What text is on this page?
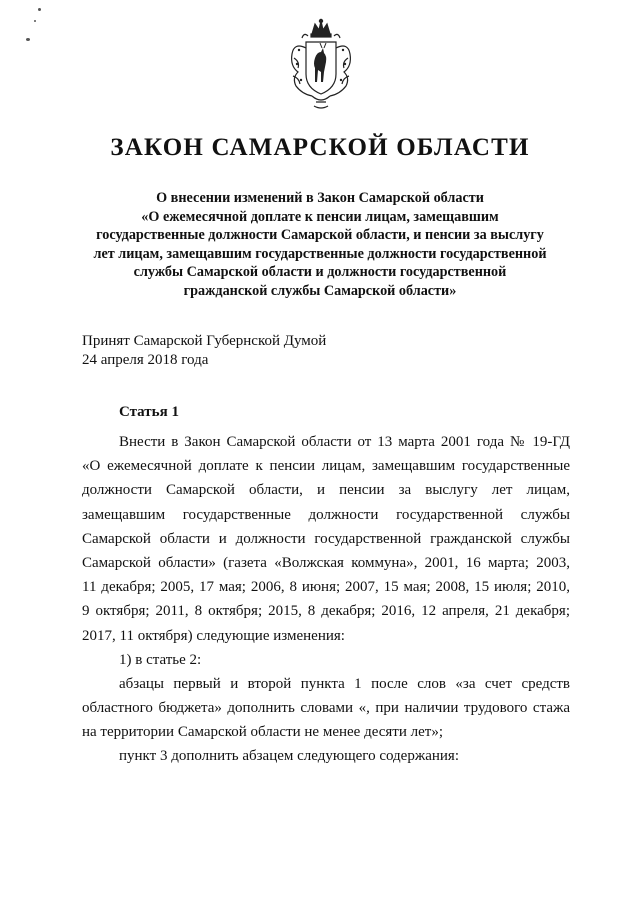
ЗАКОН САМАРСКОЙ ОБЛАСТИ
О внесении изменений в Закон Самарской области
«О ежемесячной доплате к пенсии лицам, замещавшим
государственные должности Самарской области, и пенсии за выслугу
лет лицам, замещавшим государственные должности государственной
службы Самарской области и должности государственной
гражданской службы Самарской области»
Принят Самарской Губернской Думой
24 апреля 2018 года
Статья 1
Внести в Закон Самарской области от 13 марта 2001 года № 19-ГД
«О ежемесячной доплате к пенсии лицам, замещавшим государственные
должности Самарской области, и пенсии за выслугу лет лицам,
замещавшим государственные должности государственной службы
Самарской области и должности государственной гражданской службы
Самарской области» (газета «Волжская коммуна», 2001, 16 марта; 2003,
11 декабря; 2005, 17 мая; 2006, 8 июня; 2007, 15 мая; 2008, 15 июля; 2010,
9 октября; 2011, 8 октября; 2015, 8 декабря; 2016, 12 апреля, 21 декабря;
2017, 11 октября) следующие изменения:
1) в статье 2:
абзацы первый и второй пункта 1 после слов «за счет средств
областного бюджета» дополнить словами «, при наличии трудового стажа
на территории Самарской области не менее десяти лет»;
пункт 3 дополнить абзацем следующего содержания:
